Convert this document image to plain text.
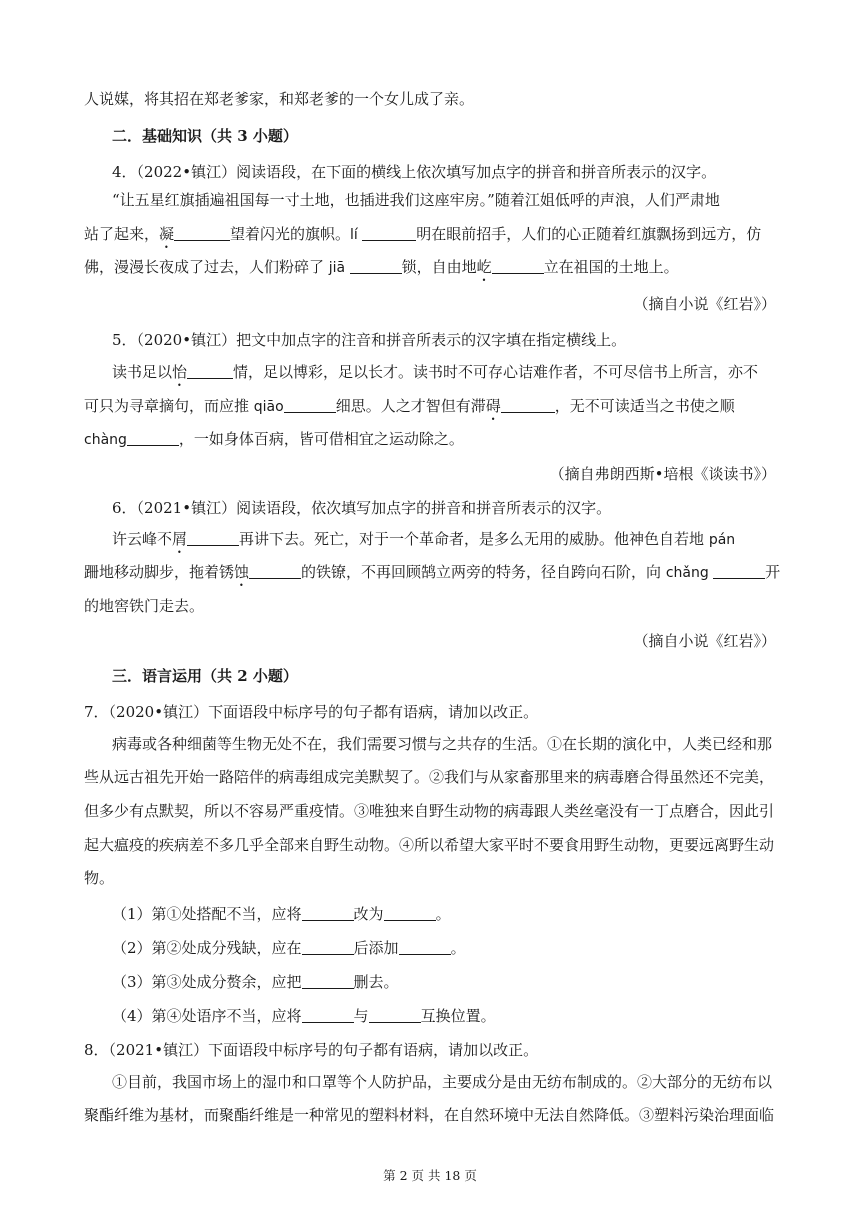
人说媒，将其招在郑老爹家，和郑老爹的一个女儿成了亲。
二．基础知识（共 3 小题）
4．（2022•镇江）阅读语段，在下面的横线上依次填写加点字的拼音和拼音所表示的汉字。
“让五星红旗插遍祖国每一寸土地，也插进我们这座牢房。”随着江姐低呼的声浪，人们严肃地
站了起来，凝	望着闪光的旗帜。lí	明在眼前招手，人们的心正随着红旗飘扬到远方，仿
佛，漫漫长夜成了过去，人们粉碎了 jiā	锁，自由地屹	立在祖国的土地上。
（摘自小说《红岩》）
5．（2020•镇江）把文中加点字的注音和拼音所表示的汉字填在指定横线上。
读书足以怡	情，足以博彩，足以长才。读书时不可存心诘难作者，不可尽信书上所言，亦不
可只为寻章摘句，而应推 qiāo	细思。人之才智但有滞碍	，无不可读适当之书使之顺
chàng	，一如身体百病，皆可借相宜之运动除之。
（摘自弗朗西斯•培根《谈读书》）
6．（2021•镇江）阅读语段，依次填写加点字的拼音和拼音所表示的汉字。
许云峰不屑	再讲下去。死亡，对于一个革命者，是多么无用的威胁。他神色自若地 pán
跚地移动脚步，拖着锈蚀	的铁镣，不再回顾鹄立两旁的特务，径自跨向石阶，向 chǎng	开
的地窖铁门走去。
（摘自小说《红岩》）
三．语言运用（共 2 小题）
7．（2020•镇江）下面语段中标序号的句子都有语病，请加以改正。
病毒或各种细菌等生物无处不在，我们需要习惯与之共存的生活。①在长期的演化中，人类已经和那
些从远古祖先开始一路陪伴的病毒组成完美默契了。②我们与从家畜那里来的病毒磨合得虽然还不完美，
但多少有点默契，所以不容易严重疫情。③唯独来自野生动物的病毒跟人类丝毫没有一丁点磨合，因此引
起大瘟疫的疾病差不多几乎全部来自野生动物。④所以希望大家平时不要食用野生动物，更要远离野生动
物。
（1）第①处搭配不当，应将	改为	。
（2）第②处成分残缺，应在	后添加	。
（3）第③处成分赘余，应把	删去。
（4）第④处语序不当，应将	与	互换位置。
8．（2021•镇江）下面语段中标序号的句子都有语病，请加以改正。
①目前，我国市场上的湿巾和口罩等个人防护品，主要成分是由无纺布制成的。②大部分的无纺布以
聚酯纤维为基材，而聚酯纤维是一种常见的塑料材料，在自然环境中无法自然降低。③塑料污染治理面临
第 2 页 共 18 页
